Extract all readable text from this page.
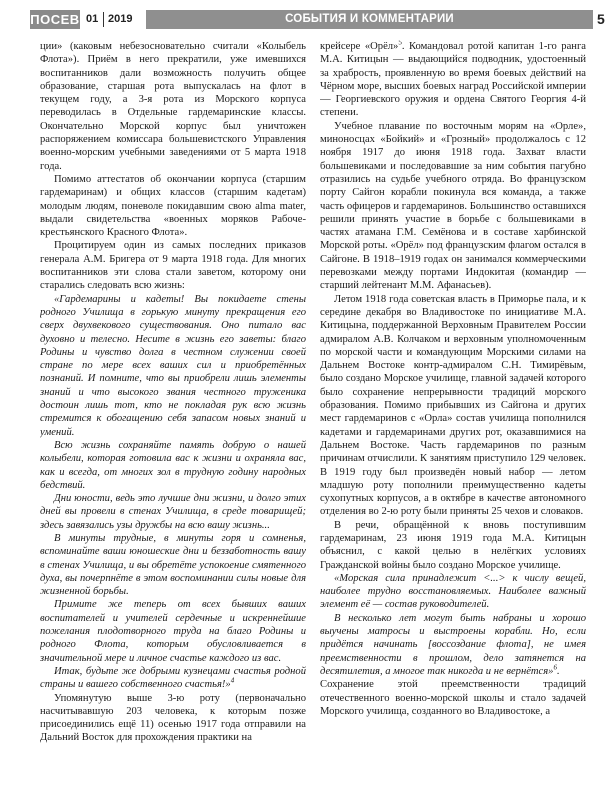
ПОСЕВ 01 2019	СОБЫТИЯ И КОММЕНТАРИИ	5

ции» (каковым небезосновательно считали «Колыбель Флота»). Приём в него прекратили, уже имевшихся воспитанников дали возможность получить общее образование, старшая рота выпускалась на флот в текущем году, а 3-я рота из Морского корпуса переводилась в Отдельные гардемаринские классы. Окончательно Морской корпус был уничтожен распоряжением комиссара большевистского Управления военно-морским учебными заведениями от 5 марта 1918 года.

Помимо аттестатов об окончании корпуса (старшим гардемаринам) и общих классов (старшим кадетам) молодым людям, поневоле покидавшим свою alma mater, выдали свидетельства «военных моряков Рабоче-крестьянского Красного Флота».

Процитируем один из самых последних приказов генерала А.М. Бригера от 9 марта 1918 года. Для многих воспитанников эти слова стали заветом, которому они старались следовать всю жизнь:

«Гардемарины и кадеты! Вы покидаете стены родного Училища в горькую минуту прекращения его сверх двухвекового существования. Оно питало вас духовно и телесно. Несите в жизнь его заветы: благо Родины и чувство долга в честном служении своей стране по мере всех ваших сил и приобретённых познаний. И помните, что вы приобрели лишь элементы знаний и что высокого звания честного труженика достоин лишь тот, кто не покладая рук всю жизнь стремится к обогащению себя запасом новых знаний и умений.

Всю жизнь сохраняйте память добрую о нашей колыбели, которая готовила вас к жизни и охраняла вас, как и всегда, от многих зол в трудную годину народных бедствий.

Дни юности, ведь это лучшие дни жизни, и долго этих дней вы провели в стенах Училища, в среде товарищей; здесь завязались узы дружбы на всю вашу жизнь...

В минуты трудные, в минуты горя и сомненья, вспоминайте ваши юношеские дни и беззаботность вашу в стенах Училища, и вы обретёте успокоение смятенного духа, вы почерпнёте в этом воспоминании силы новые для жизненной борьбы.

Примите же теперь от всех бывших ваших воспитателей и учителей сердечные и искреннейшие пожелания плодотворного труда на благо Родины и родного Флота, которым обусловливается в значительной мере и личное счастье каждого из вас.

Итак, будьте же добрыми кузнецами счастья родной страны и вашего собственного счастья!»$^4$

Упомянутую выше 3-ю роту (первоначально насчитывавшую 203 человека, к которым позже присоединились ещё 11) осенью 1917 года отправили на Дальний Восток для прохождения практики на

крейсере «Орёл»$^5$. Командовал ротой капитан 1-го ранга М.А. Китицын — выдающийся подводник, удостоенный за храбрость, проявленную во время боевых действий на Чёрном море, высших боевых наград Российской империи — Георгиевского оружия и ордена Святого Георгия 4-й степени.

Учебное плавание по восточным морям на «Орле», миноносцах «Бойкий» и «Грозный» продолжалось с 12 ноября 1917 до июня 1918 года. Захват власти большевиками и последовавшие за ним события пагубно отразились на судьбе учебного отряда. Во французском порту Сайгон корабли покинула вся команда, а также часть офицеров и гардемаринов. Большинство оставшихся решили принять участие в борьбе с большевиками в частях атамана Г.М. Семёнова и в составе харбинской Морской роты. «Орёл» под французским флагом остался в Сайгоне. В 1918–1919 годах он занимался коммерческими перевозками между портами Индокитая (командир — старший лейтенант М.М. Афанасьев).

Летом 1918 года советская власть в Приморье пала, и к середине декабря во Владивостоке по инициативе М.А. Китицына, поддержанной Верховным Правителем России адмиралом А.В. Колчаком и верховным уполномоченным по морской части и командующим Морскими силами на Дальнем Востоке контр-адмиралом С.Н. Тимирёвым, было создано Морское училище, главной задачей которого было сохранение непрерывности традиций морского образования. Помимо прибывших из Сайгона и других мест гардемаринов с «Орла» состав училища пополнился кадетами и гардемаринами других рот, оказавшимися на Дальнем Востоке. Часть гардемаринов по разным причинам отчислили. К занятиям приступило 129 человек. В 1919 году был произведён новый набор — летом младшую роту пополнили преимущественно кадеты сухопутных корпусов, а в октябре в качестве автономного отделения во 2-ю роту были приняты 25 чехов и словаков.

В речи, обращённой к вновь поступившим гардемаринам, 23 июня 1919 года М.А. Китицын объяснил, с какой целью в нелёгких условиях Гражданской войны было создано Морское училище.

«Морская сила принадлежит <...> к числу вещей, наиболее трудно восстановляемых. Наиболее важный элемент её — состав руководителей.

В несколько лет могут быть набраны и хорошо выучены матросы и выстроены корабли. Но, если придётся начинать [воссоздание флота], не имея преемственности в прошлом, дело затянется на десятилетия, а многое так никогда и не вернётся»$^6$.

Сохранение этой преемственности традиций отечественного военно-морской школы и стало задачей Морского училища, созданного во Владивостоке, а
